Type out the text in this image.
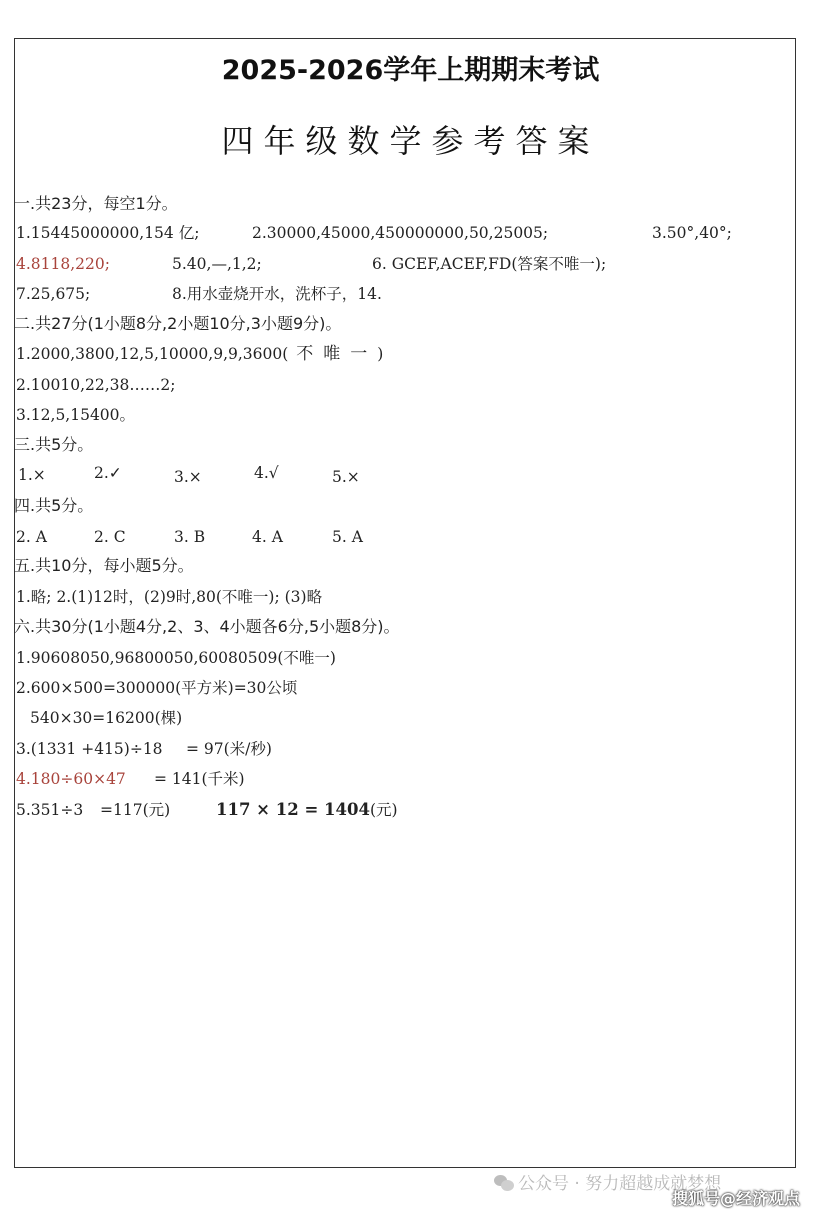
2025-2026学年上期期末考试
四年级数学参考答案
一.共23分，每空1分。
1.15445000000,154 亿;	2.30000,45000,450000000,50,25005;	3.50°,40°;
4.8118,220;	5.40,—,1,2;	6. GCEF,ACEF,FD(答案不唯一);
7.25,675;	8.用水壶烧开水，洗杯子，14.
二.共27分(1小题8分,2小题10分,3小题9分)。
1.2000,3800,12,5,10000,9,9,3600( 不唯一)
2.10010,22,38……2;
3.12,5,15400。
三.共5分。
1.×	2.✓	3.×	4.√	5.×
四.共5分。
2. A	2. C	3. B	4. A	5. A
五.共10分，每小题5分。
1.略; 2.(1)12时，(2)9时,80(不唯一); (3)略
六.共30分(1小题4分,2、3、4小题各6分,5小题8分)。
1.90608050,96800050,60080509(不唯一)
2.600×500=300000(平方米)=30公顷
540×30=16200(棵)
3.(1331 +415)÷18 = 97(米/秒)
4.180÷60×47 = 141(千米)
5.351÷3 =117(元)	117 × 12 = 1404(元)
公众号 · 努力超越成就梦想
搜狐号@经济观点
